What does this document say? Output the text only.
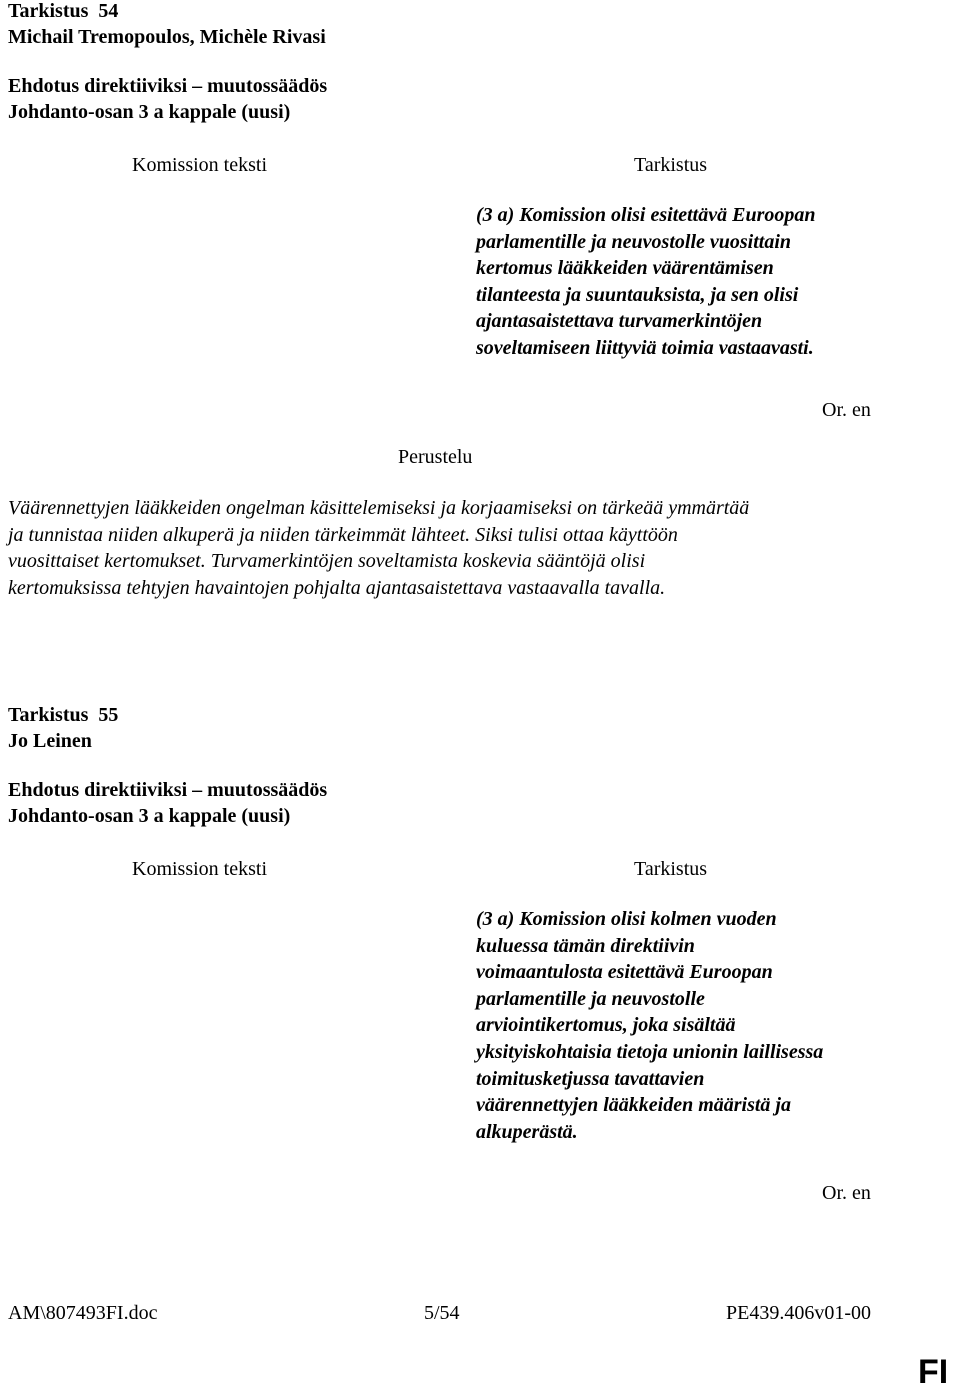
Tarkistus 54
Michail Tremopoulos, Michèle Rivasi
Ehdotus direktiiviksi – muutossäädös
Johdanto-osan 3 a kappale (uusi)
Komission teksti	Tarkistus
(3 a) Komission olisi esitettävä Euroopan
parlamentille ja neuvostolle vuosittain
kertomus lääkkeiden väärentämisen
tilanteesta ja suuntauksista, ja sen olisi
ajantasaistettava turvamerkintöjen
soveltamiseen liittyviä toimia vastaavasti.
Or. en
Perustelu
Väärennettyjen lääkkeiden ongelman käsittelemiseksi ja korjaamiseksi on tärkeää ymmärtää
ja tunnistaa niiden alkuperä ja niiden tärkeimmät lähteet. Siksi tulisi ottaa käyttöön
vuosittaiset kertomukset. Turvamerkintöjen soveltamista koskevia sääntöjä olisi
kertomuksissa tehtyjen havaintojen pohjalta ajantasaistettava vastaavalla tavalla.
Tarkistus 55
Jo Leinen
Ehdotus direktiiviksi – muutossäädös
Johdanto-osan 3 a kappale (uusi)
Komission teksti	Tarkistus
(3 a) Komission olisi kolmen vuoden
kuluessa tämän direktiivin
voimaantulosta esitettävä Euroopan
parlamentille ja neuvostolle
arviointikertomus, joka sisältää
yksityiskohtaisia tietoja unionin laillisessa
toimitusketjussa tavattavien
väärennettyjen lääkkeiden määristä ja
alkuperästä.
Or. en
AM\807493FI.doc	5/54	PE439.406v01-00
FI
